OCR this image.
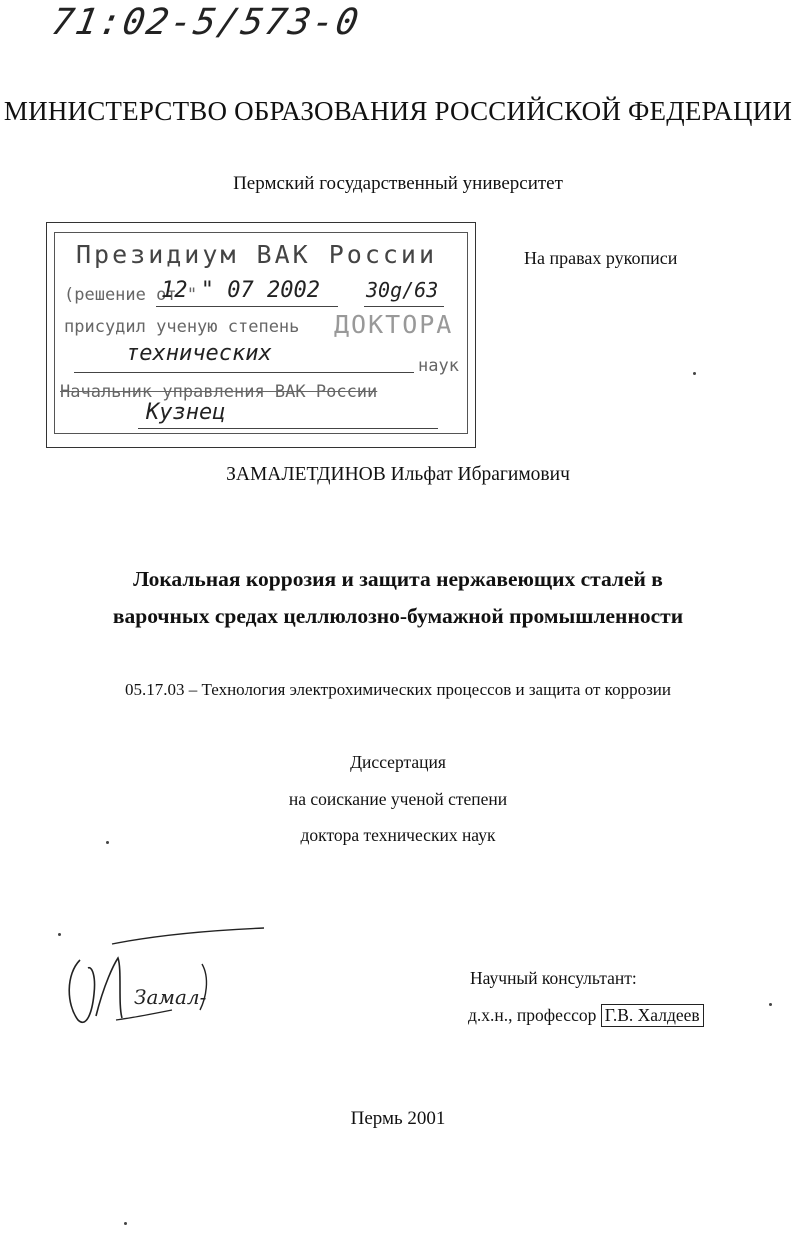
71:02-5/573-0
МИНИСТЕРСТВО ОБРАЗОВАНИЯ РОССИЙСКОЙ ФЕДЕРАЦИИ
Пермский государственный университет
Президиум ВАК России
(решение от "
12 " 07 2002 30g/63
присудил ученую степень ДОКТОРА
технических	наук
Начальник управления ВАК России
Кузнец
На правах рукописи
ЗАМАЛЕТДИНОВ Ильфат Ибрагимович
Локальная коррозия и защита нержавеющих сталей в
варочных средах целлюлозно-бумажной промышленности
05.17.03 – Технология электрохимических процессов и защита от коррозии
Диссертация
на соискание ученой степени
доктора технических наук
Замал-
Научный консультант:
д.х.н., профессор Г.В. Халдеев
Пермь 2001
